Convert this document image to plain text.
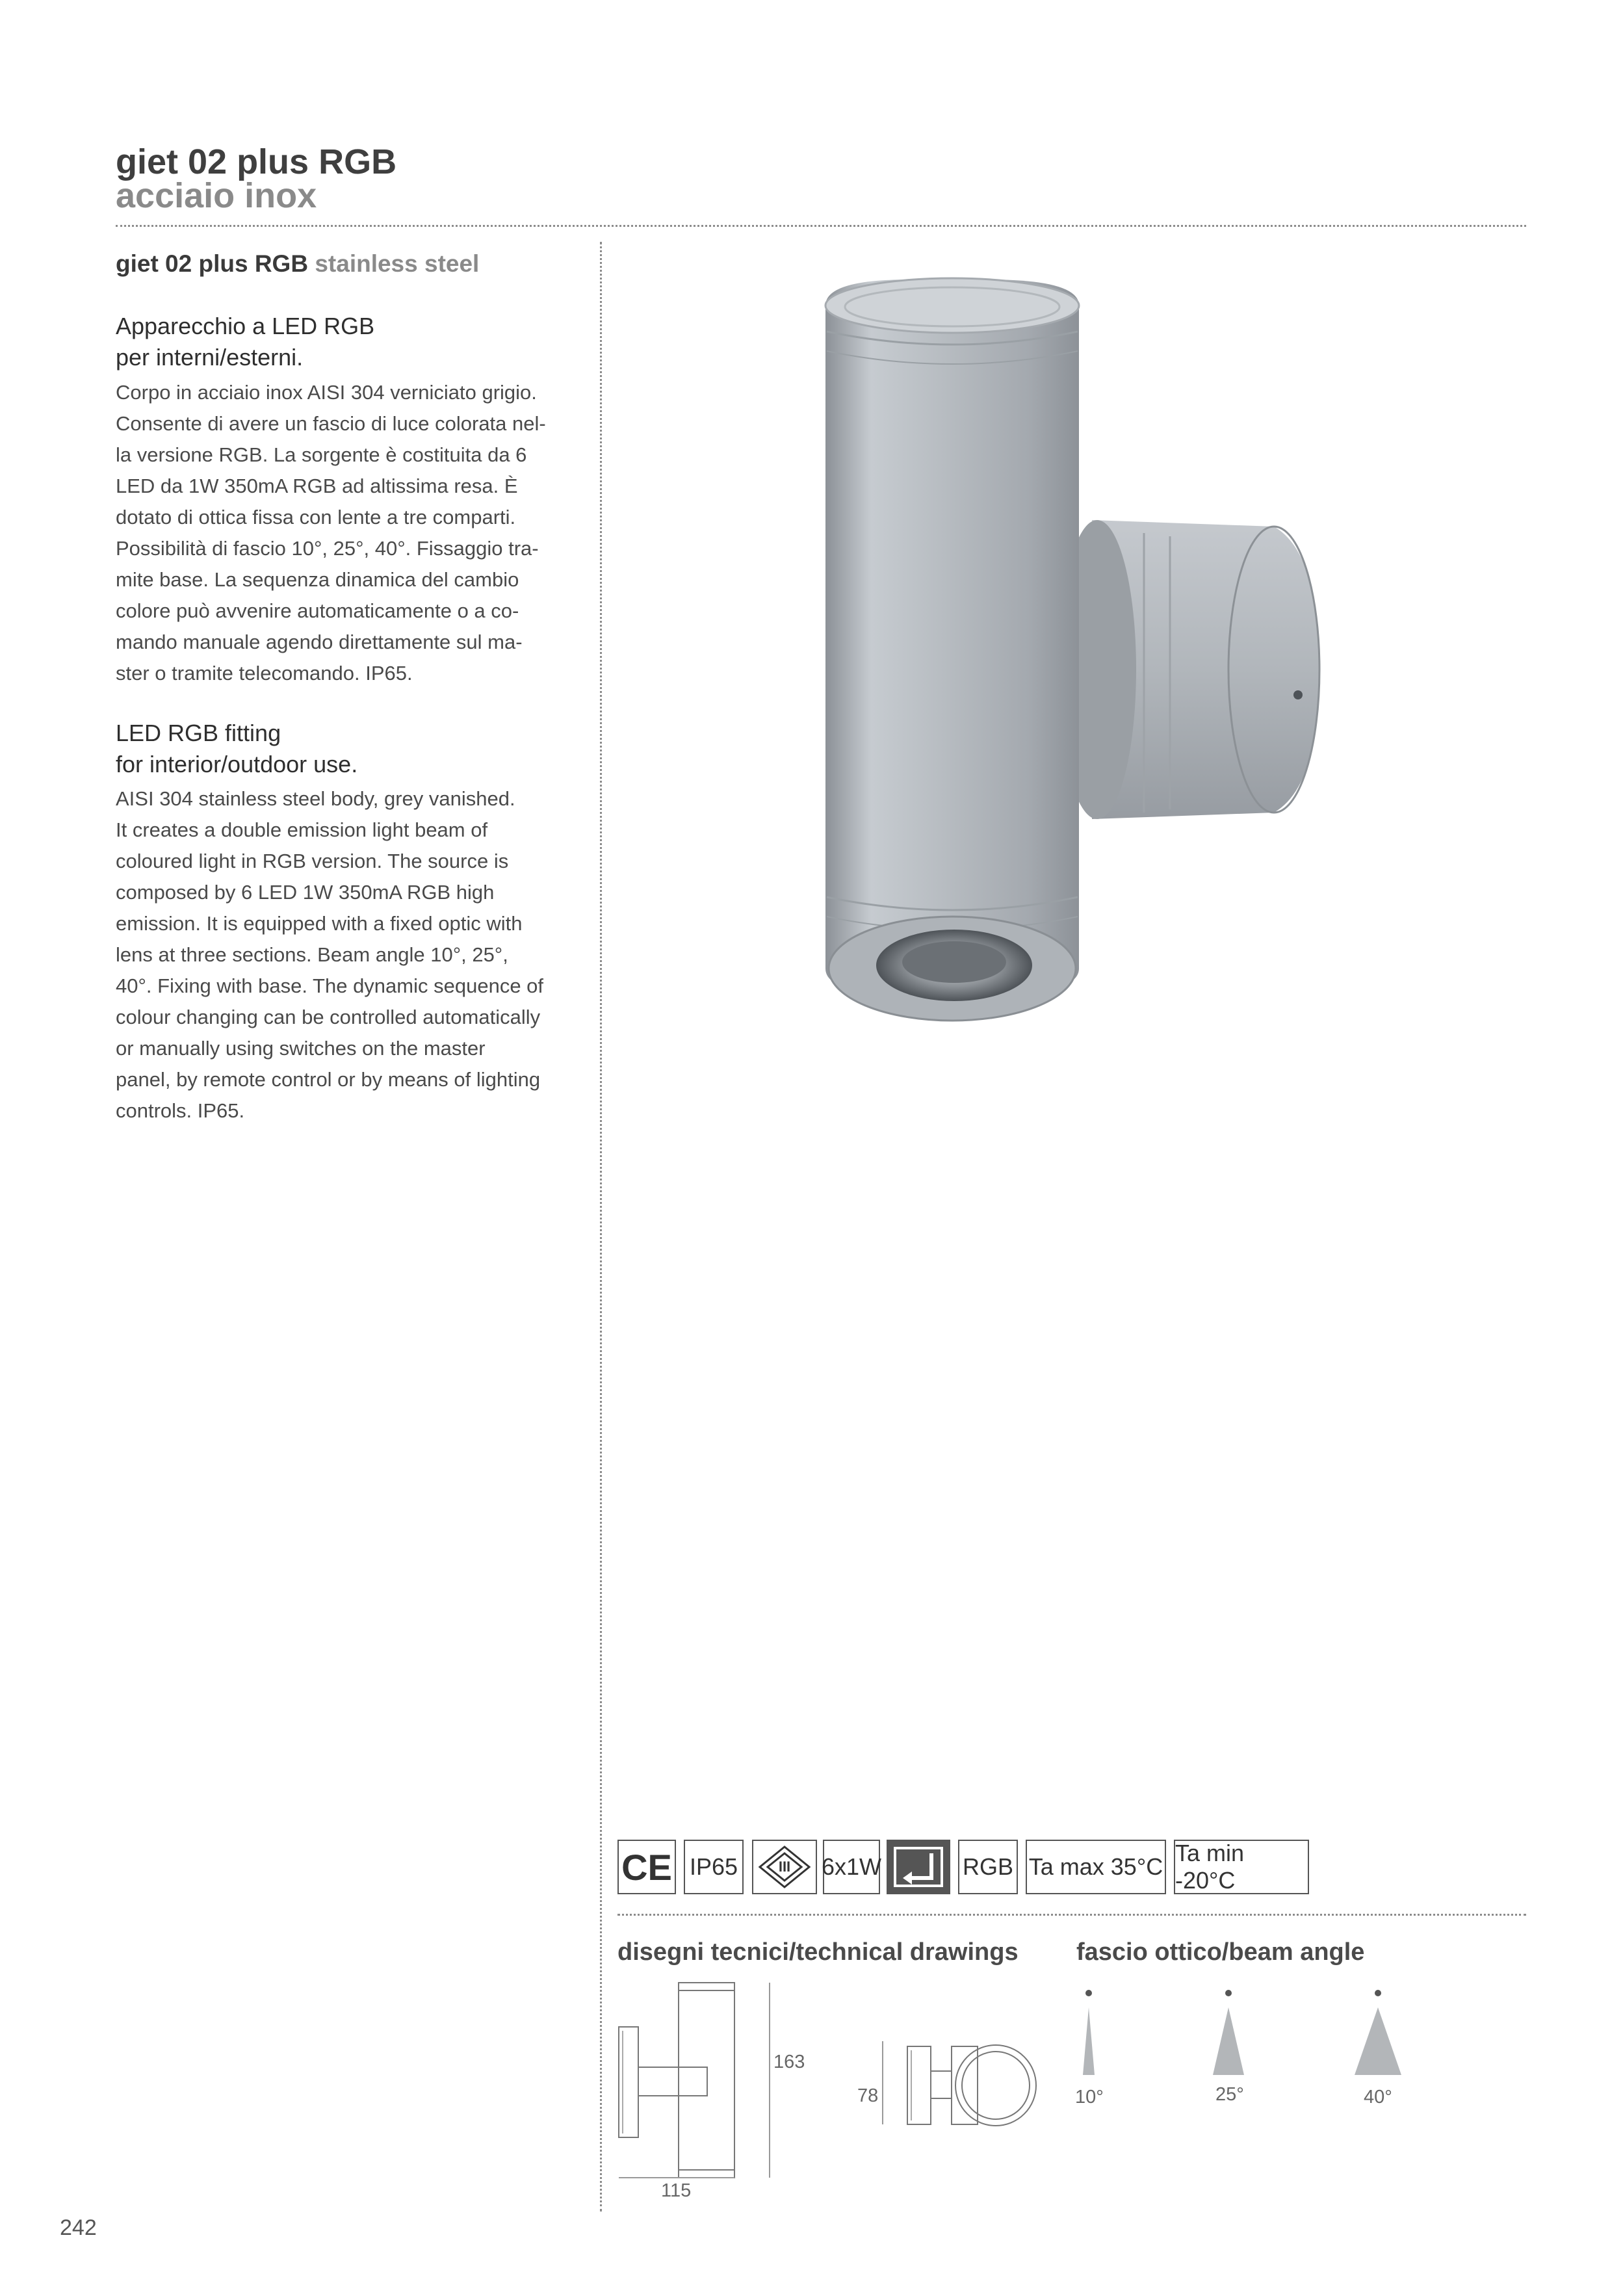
giet 02 plus RGB
acciaio inox
giet 02 plus RGB stainless steel
Apparecchio a LED RGB
per interni/esterni.
Corpo in acciaio inox AISI 304 verniciato grigio.
Consente di avere un fascio di luce colorata nel-
la versione RGB. La sorgente è costituita da 6
LED da 1W 350mA RGB ad altissima resa. È
dotato di ottica fissa con lente a tre comparti.
Possibilità di fascio 10°, 25°, 40°. Fissaggio tra-
mite base. La sequenza dinamica del cambio
colore può avvenire automaticamente o a co-
mando manuale agendo direttamente sul ma-
ster o tramite telecomando. IP65.
LED RGB fitting
for interior/outdoor use.
AISI 304 stainless steel body, grey vanished.
It creates a double emission light beam of
coloured light in RGB version. The source is
composed by 6 LED 1W 350mA RGB high
emission. It is equipped with a fixed optic with
lens at three sections. Beam angle 10°, 25°,
40°. Fixing with base. The dynamic sequence of
colour changing can be controlled automatically
or manually using switches on the master
panel, by remote control or by means of lighting
controls. IP65.
CE IP65	III 6x1W	RGB Ta max 35°C
Ta min -20°C
disegni tecnici/technical drawings fascio ottico/beam angle
163
78
115
10°	25°	40°
242
